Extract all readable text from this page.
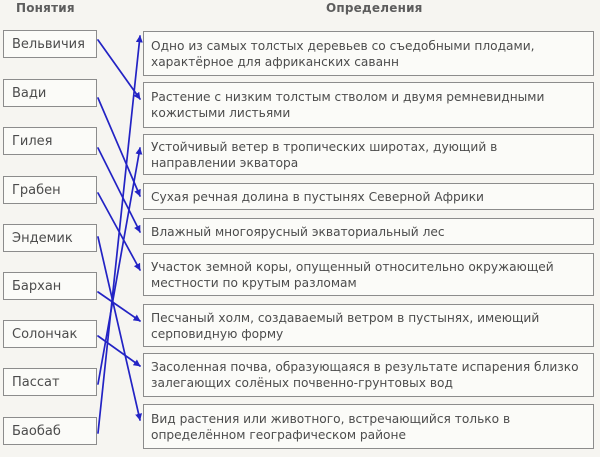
Понятия	Определения
Вельвичия
Вади
Гилея
Грабен
Эндемик
Бархан
Солончак
Пассат
Баобаб
Одно из самых толстых деревьев со съедобными плодами, характёрное для африканских саванн
Растение с низким толстым стволом и двумя ремневидными кожистыми листьями
Устойчивый ветер в тропических широтах, дующий в направлении экватора
Сухая речная долина в пустынях Северной Африки
Влажный многоярусный экваториальный лес
Участок земной коры, опущенный относительно окружающей местности по крутым разломам
Песчаный холм, создаваемый ветром в пустынях, имеющий серповидную форму
Засоленная почва, образующаяся в результате испарения близко залегающих солёных почвенно-грунтовых вод
Вид растения или животного, встречающийся только в определённом географическом районе
